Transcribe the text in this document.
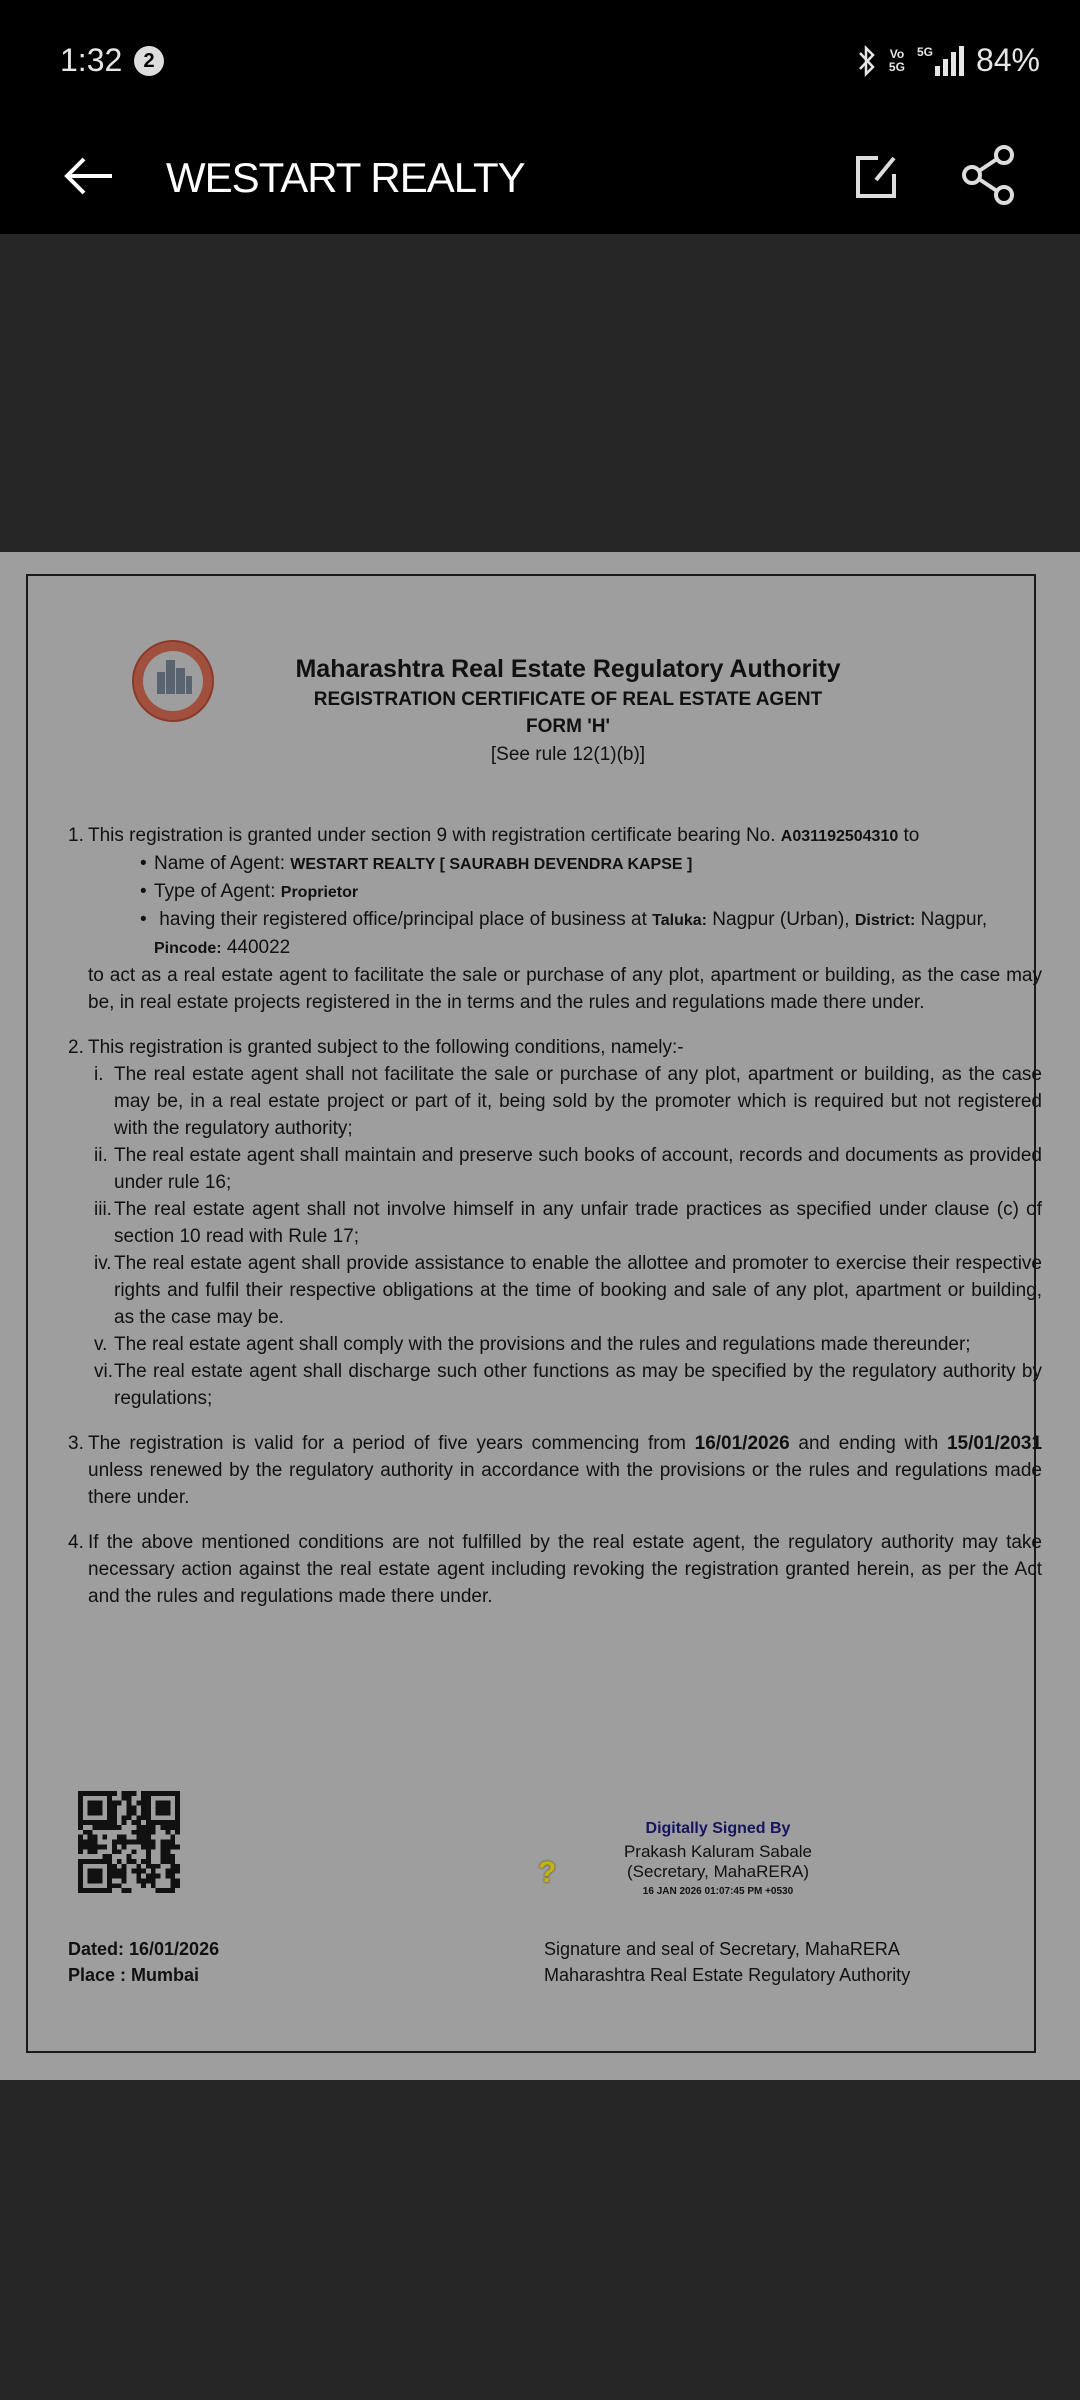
1:32	2	Vo
5G
5G 84%
WESTART REALTY
Maharashtra Real Estate Regulatory Authority
REGISTRATION CERTIFICATE OF REAL ESTATE AGENT
FORM 'H'
[See rule 12(1)(b)]
1. This registration is granted under section 9 with registration certificate bearing No. A031192504310 to
• Name of Agent: WESTART REALTY [ SAURABH DEVENDRA KAPSE ]
• Type of Agent: Proprietor
• having their registered office/principal place of business at Taluka: Nagpur (Urban), District: Nagpur,
Pincode: 440022
to act as a real estate agent to facilitate the sale or purchase of any plot, apartment or building, as the case may be, in real estate projects registered in the in terms and the rules and regulations made there under.
2. This registration is granted subject to the following conditions, namely:-
i. The real estate agent shall not facilitate the sale or purchase of any plot, apartment or building, as the case may be, in a real estate project or part of it, being sold by the promoter which is required but not registered with the regulatory authority;
ii. The real estate agent shall maintain and preserve such books of account, records and documents as provided under rule 16;
iii. The real estate agent shall not involve himself in any unfair trade practices as specified under clause (c) of section 10 read with Rule 17;
iv. The real estate agent shall provide assistance to enable the allottee and promoter to exercise their respective rights and fulfil their respective obligations at the time of booking and sale of any plot, apartment or building, as the case may be.
v. The real estate agent shall comply with the provisions and the rules and regulations made thereunder;
vi. The real estate agent shall discharge such other functions as may be specified by the regulatory authority by regulations;
3. The registration is valid for a period of five years commencing from 16/01/2026 and ending with 15/01/2031 unless renewed by the regulatory authority in accordance with the provisions or the rules and regulations made there under.
4. If the above mentioned conditions are not fulfilled by the real estate agent, the regulatory authority may take necessary action against the real estate agent including revoking the registration granted herein, as per the Act and the rules and regulations made there under.
Digitally Signed By
Prakash Kaluram Sabale
(Secretary, MahaRERA)
16 JAN 2026 01:07:45 PM +0530
?
Dated: 16/01/2026
Place : Mumbai
Signature and seal of Secretary, MahaRERA
Maharashtra Real Estate Regulatory Authority
